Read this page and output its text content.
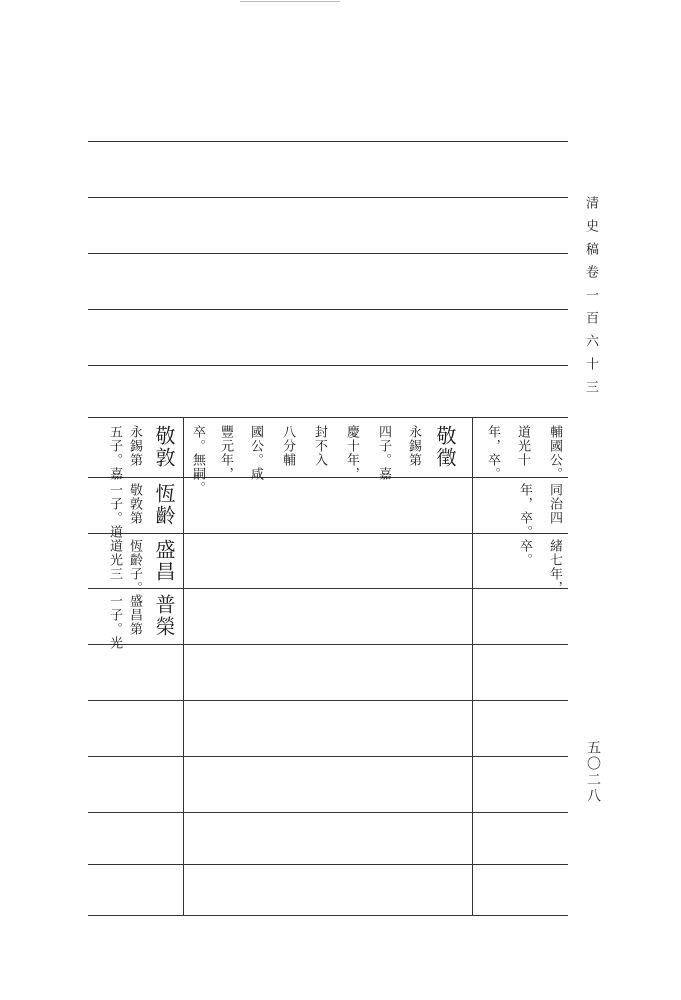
清史稿卷一百六十三
五〇二八
敬敦
永錫第
五子。嘉
恆齡
敬敦第
一子。道
盛昌
恆齡子。
道光三
普榮
盛昌第
一子。光
敬徵
永錫第
四子。嘉
慶十年，
封不入
八分輔
國公。咸
豐元年，
卒。無嗣。	輔國公。
道光十
年，卒。
同治四
年，卒。
緒七年，
卒。
